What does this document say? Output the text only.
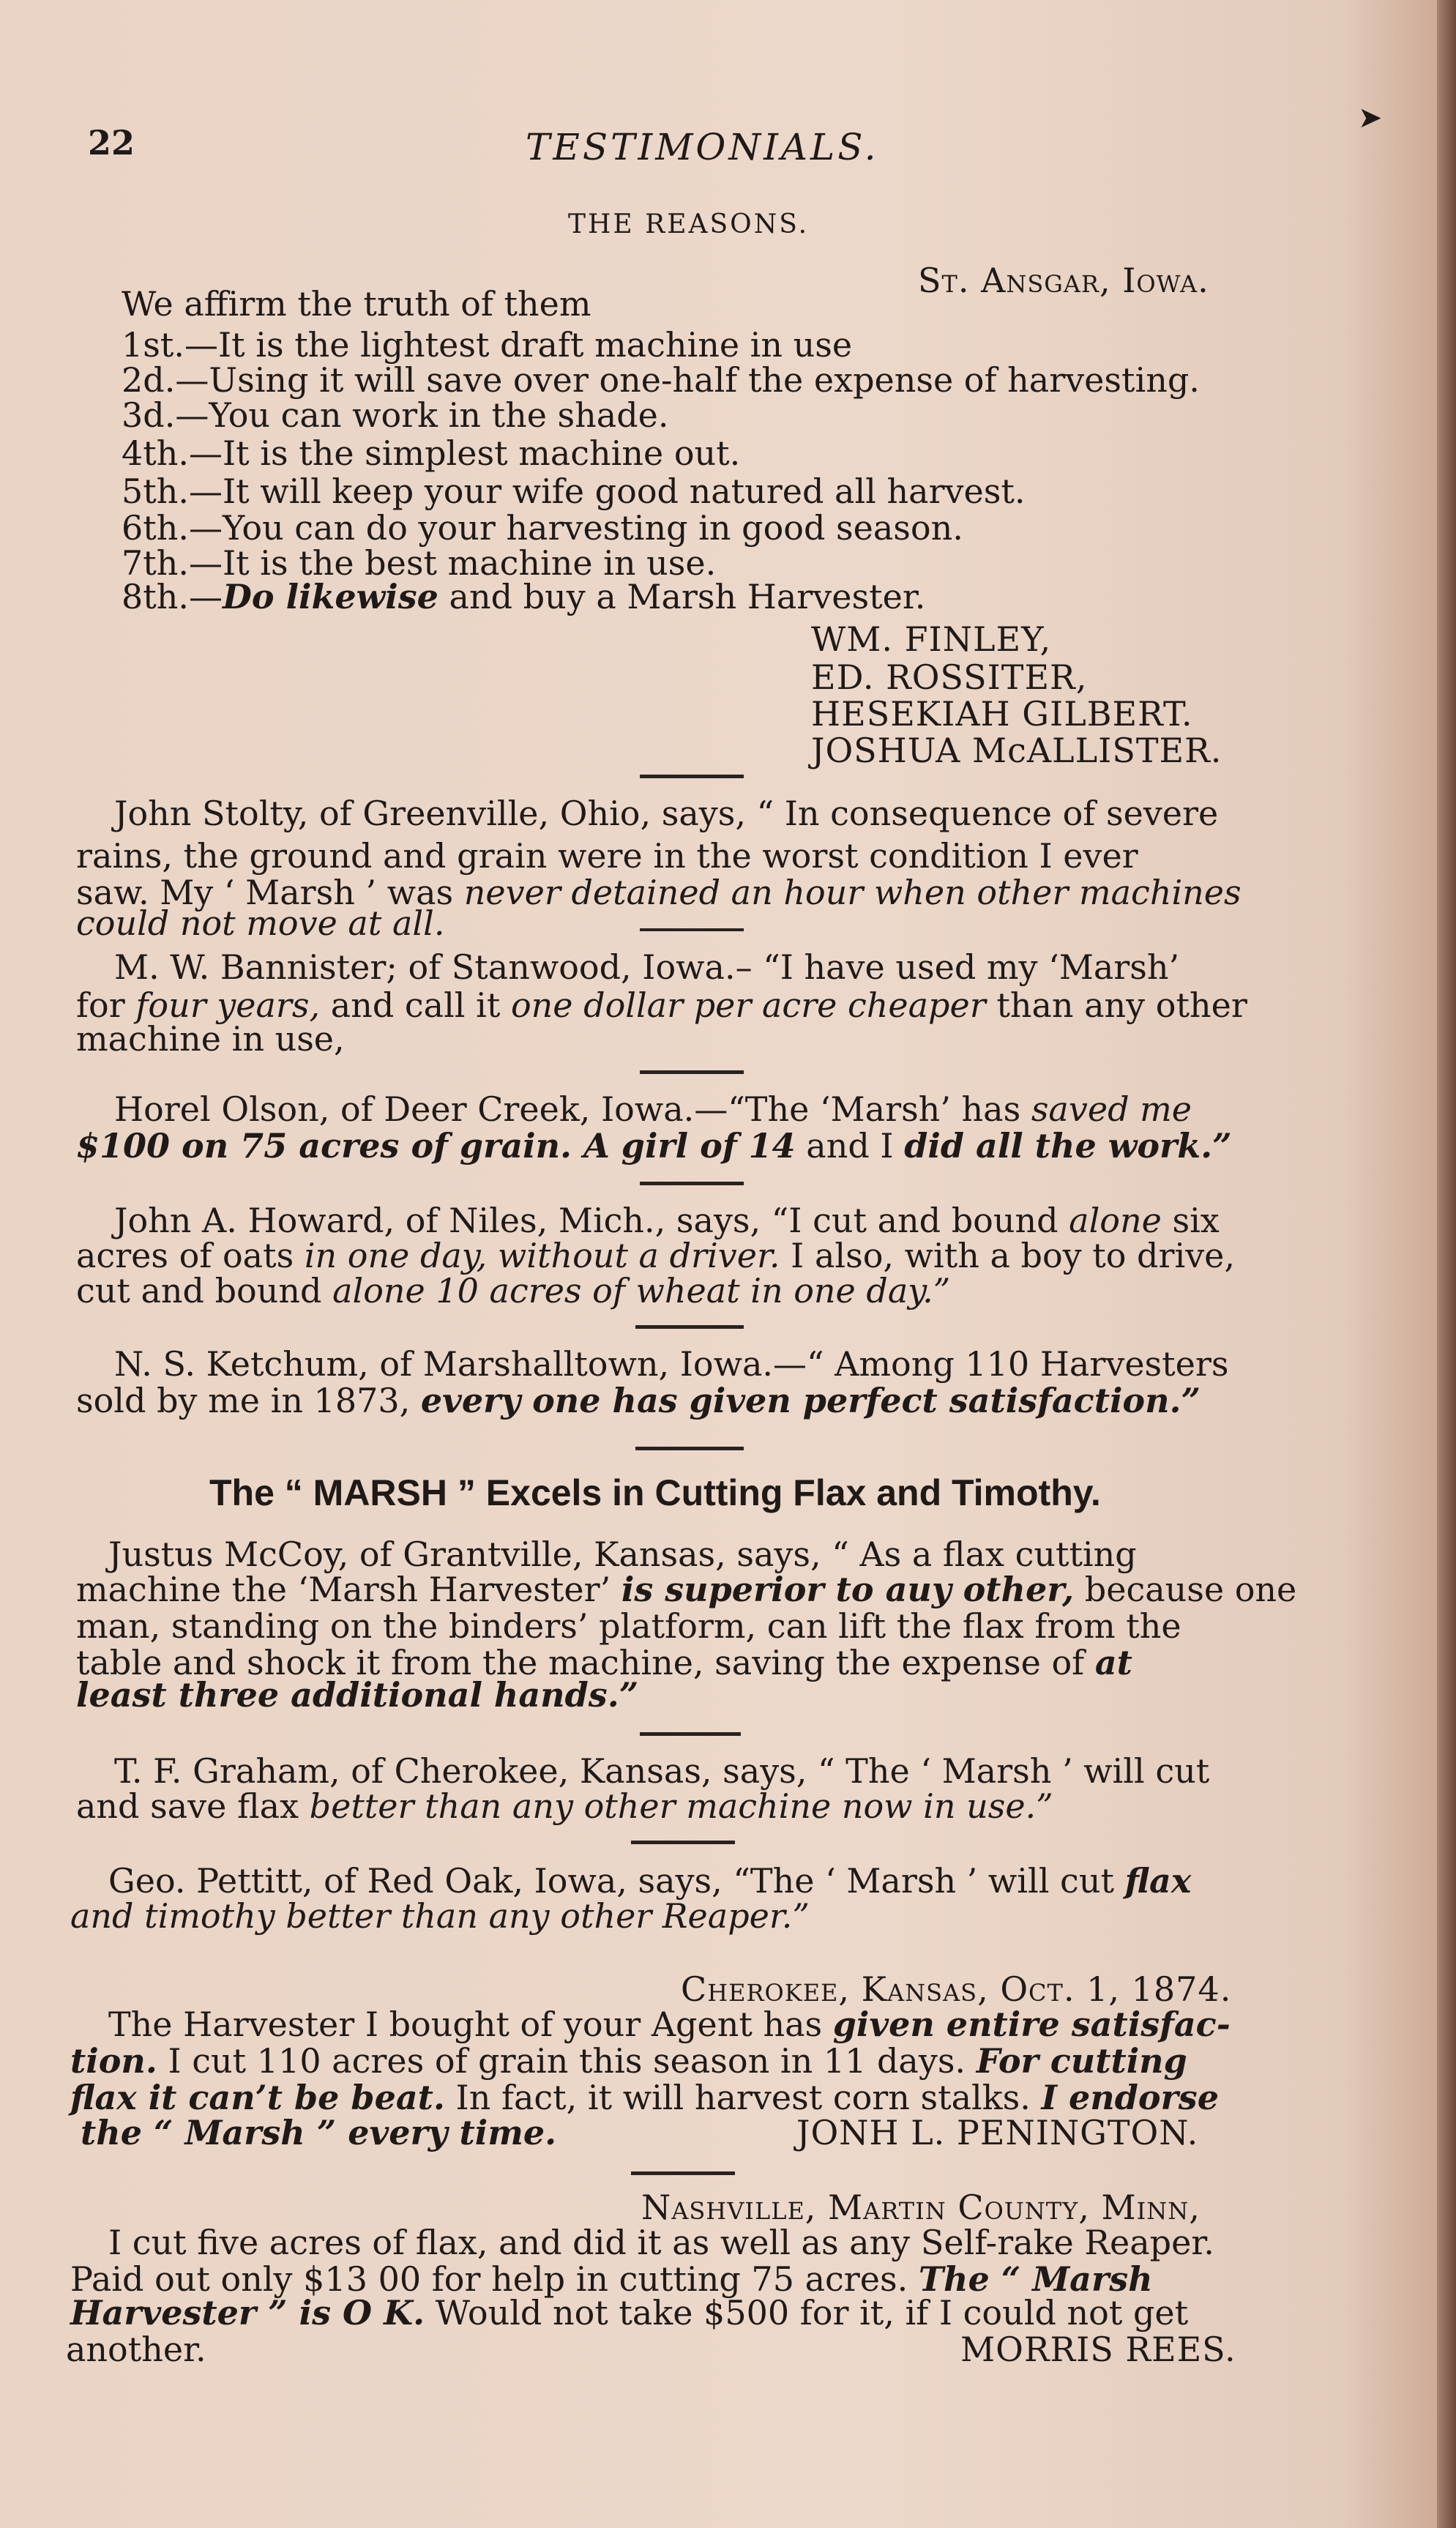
22	TESTIMONIALS.
➤
THE REASONS.
St. Ansgar, Iowa.
We affirm the truth of them
1st.—It is the lightest draft machine in use
2d.—Using it will save over one-half the expense of harvesting.
3d.—You can work in the shade.
4th.—It is the simplest machine out.
5th.—It will keep your wife good natured all harvest.
6th.—You can do your harvesting in good season.
7th.—It is the best machine in use.
8th.—Do likewise and buy a Marsh Harvester.
WM. FINLEY,
ED. ROSSITER,
HESEKIAH GILBERT.
JOSHUA McALLISTER.
John Stolty, of Greenville, Ohio, says, “ In consequence of severe
rains, the ground and grain were in the worst condition I ever
saw. My ‘ Marsh ’ was never detained an hour when other machines
could not move at all.
M. W. Bannister; of Stanwood, Iowa.– “I have used my ‘Marsh’
for four years, and call it one dollar per acre cheaper than any other
machine in use,
Horel Olson, of Deer Creek, Iowa.—“The ‘Marsh’ has saved me
$100 on 75 acres of grain. A girl of 14 and I did all the work.”
John A. Howard, of Niles, Mich., says, “I cut and bound alone six
acres of oats in one day, without a driver. I also, with a boy to drive,
cut and bound alone 10 acres of wheat in one day.”
N. S. Ketchum, of Marshalltown, Iowa.—“ Among 110 Harvesters
sold by me in 1873, every one has given perfect satisfaction.”
The “ MARSH ” Excels in Cutting Flax and Timothy.
Justus McCoy, of Grantville, Kansas, says, “ As a flax cutting
machine the ‘Marsh Harvester’ is superior to auy other, because one
man, standing on the binders’ platform, can lift the flax from the
table and shock it from the machine, saving the expense of at
least three additional hands.”
T. F. Graham, of Cherokee, Kansas, says, “ The ‘ Marsh ’ will cut
and save flax better than any other machine now in use.”
Geo. Pettitt, of Red Oak, Iowa, says, “The ‘ Marsh ’ will cut flax
and timothy better than any other Reaper.”
Cherokee, Kansas, Oct. 1, 1874.
The Harvester I bought of your Agent has given entire satisfac-
tion. I cut 110 acres of grain this season in 11 days. For cutting
flax it can’t be beat. In fact, it will harvest corn stalks. I endorse
the “ Marsh ” every time.	JONH L. PENINGTON.
Nashville, Martin County, Minn,
I cut five acres of flax, and did it as well as any Self-rake Reaper.
Paid out only $13 00 for help in cutting 75 acres. The “ Marsh
Harvester ” is O K. Would not take $500 for it, if I could not get
another.	MORRIS REES.
